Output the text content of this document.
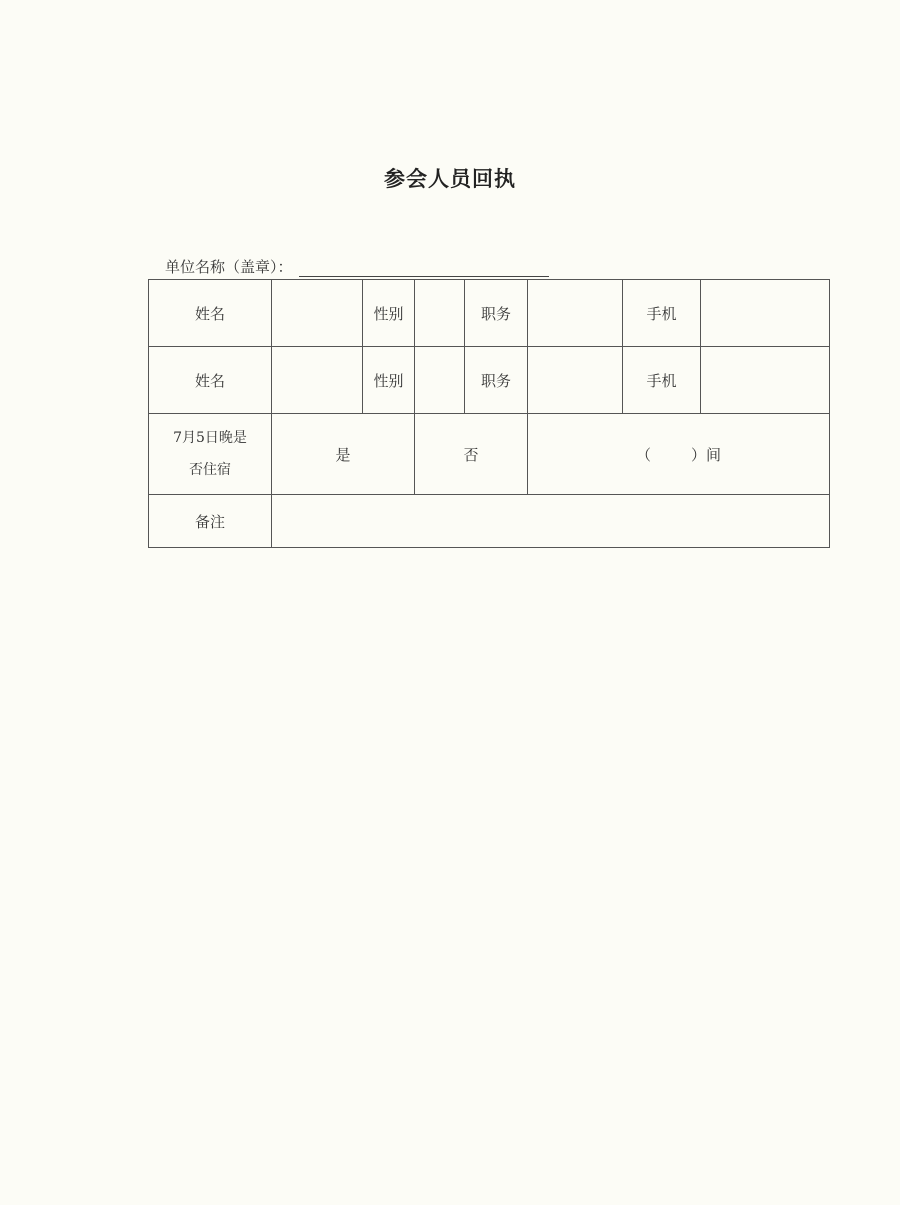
参会人员回执
单位名称（盖章）：
姓名		性别		职务		手机	
姓名		性别		职务		手机	

7月5日晚是
否住宿	是		否		（ ）间		
备注							
